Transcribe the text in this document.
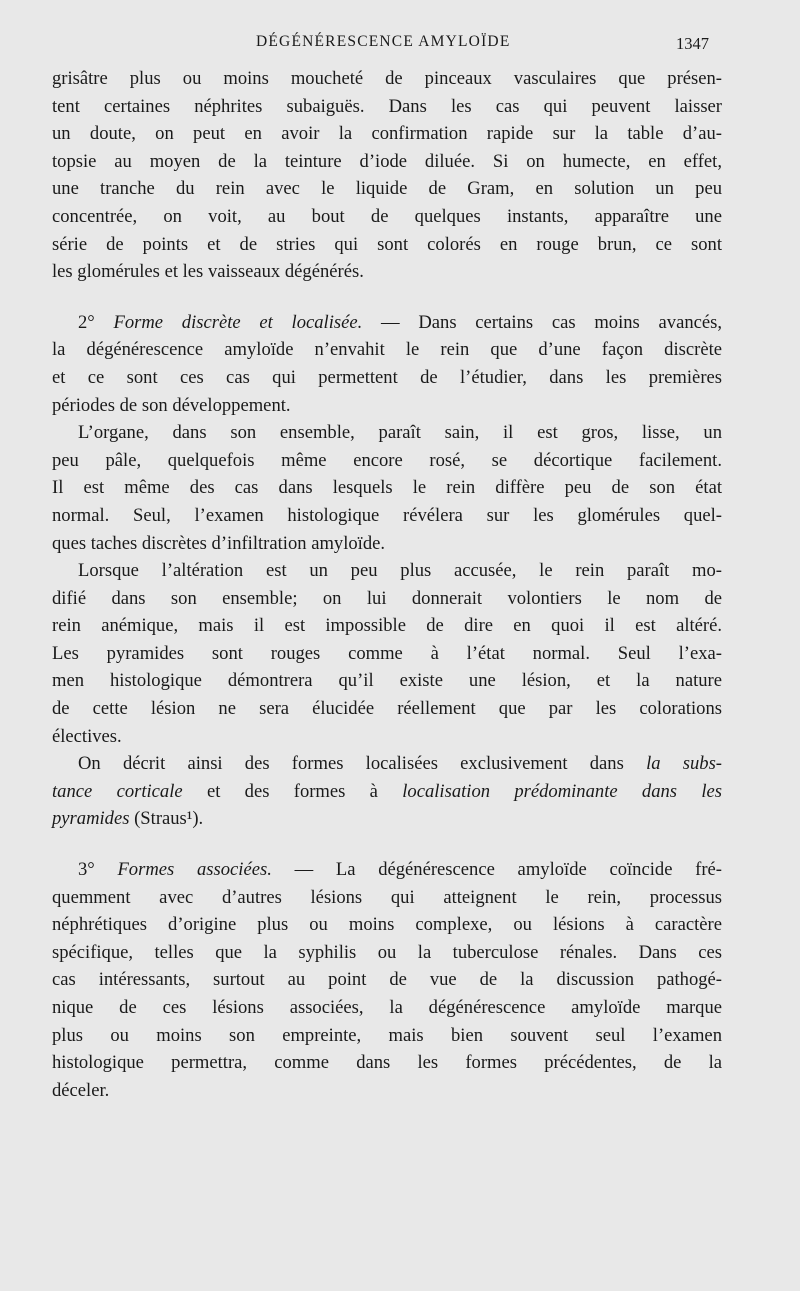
DÉGÉNÉRESCENCE AMYLOÏDE	1347
grisâtre plus ou moins moucheté de pinceaux vasculaires que présen-
tent certaines néphrites subaiguës. Dans les cas qui peuvent laisser
un doute, on peut en avoir la confirmation rapide sur la table d’au-
topsie au moyen de la teinture d’iode diluée. Si on humecte, en effet,
une tranche du rein avec le liquide de Gram, en solution un peu
concentrée, on voit, au bout de quelques instants, apparaître une
série de points et de stries qui sont colorés en rouge brun, ce sont
les glomérules et les vaisseaux dégénérés.
2° Forme discrète et localisée. — Dans certains cas moins avancés,
la dégénérescence amyloïde n’envahit le rein que d’une façon discrète
et ce sont ces cas qui permettent de l’étudier, dans les premières
périodes de son développement.
L’organe, dans son ensemble, paraît sain, il est gros, lisse, un
peu pâle, quelquefois même encore rosé, se décortique facilement.
Il est même des cas dans lesquels le rein diffère peu de son état
normal. Seul, l’examen histologique révélera sur les glomérules quel-
ques taches discrètes d’infiltration amyloïde.
Lorsque l’altération est un peu plus accusée, le rein paraît mo-
difié dans son ensemble; on lui donnerait volontiers le nom de
rein anémique, mais il est impossible de dire en quoi il est altéré.
Les pyramides sont rouges comme à l’état normal. Seul l’exa-
men histologique démontrera qu’il existe une lésion, et la nature
de cette lésion ne sera élucidée réellement que par les colorations
électives.
On décrit ainsi des formes localisées exclusivement dans la subs-
tance corticale et des formes à localisation prédominante dans les
pyramides (Straus¹).
3° Formes associées. — La dégénérescence amyloïde coïncide fré-
quemment avec d’autres lésions qui atteignent le rein, processus
néphrétiques d’origine plus ou moins complexe, ou lésions à caractère
spécifique, telles que la syphilis ou la tuberculose rénales. Dans ces
cas intéressants, surtout au point de vue de la discussion pathogé-
nique de ces lésions associées, la dégénérescence amyloïde marque
plus ou moins son empreinte, mais bien souvent seul l’examen
histologique permettra, comme dans les formes précédentes, de la
déceler.
